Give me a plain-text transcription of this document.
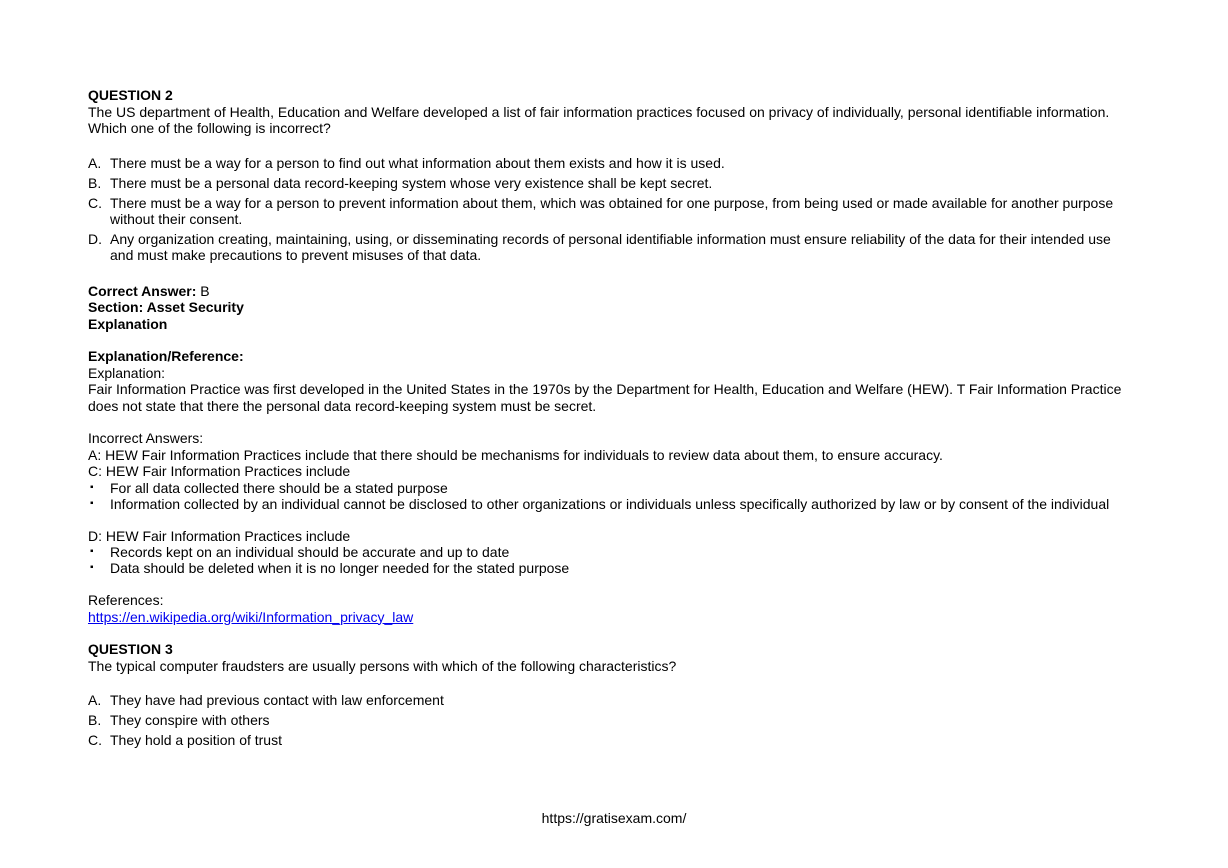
QUESTION 2

The US department of Health, Education and Welfare developed a list of fair information practices focused on privacy of individually, personal identifiable information. Which one of the following is incorrect?

A. There must be a way for a person to find out what information about them exists and how it is used.
B. There must be a personal data record-keeping system whose very existence shall be kept secret.
C. There must be a way for a person to prevent information about them, which was obtained for one purpose, from being used or made available for another purpose without their consent.
D. Any organization creating, maintaining, using, or disseminating records of personal identifiable information must ensure reliability of the data for their intended use and must make precautions to prevent misuses of that data.

Correct Answer: B

Section: Asset Security

Explanation

Explanation/Reference:

Explanation:

Fair Information Practice was first developed in the United States in the 1970s by the Department for Health, Education and Welfare (HEW). T Fair Information Practice does not state that there the personal data record-keeping system must be secret.

Incorrect Answers:

A: HEW Fair Information Practices include that there should be mechanisms for individuals to review data about them, to ensure accuracy.

C: HEW Fair Information Practices include

▪ For all data collected there should be a stated purpose
▪ Information collected by an individual cannot be disclosed to other organizations or individuals unless specifically authorized by law or by consent of the individual

D: HEW Fair Information Practices include

▪ Records kept on an individual should be accurate and up to date
▪ Data should be deleted when it is no longer needed for the stated purpose

References:

https://en.wikipedia.org/wiki/Information_privacy_law

QUESTION 3

The typical computer fraudsters are usually persons with which of the following characteristics?

A. They have had previous contact with law enforcement
B. They conspire with others
C. They hold a position of trust
https://gratisexam.com/
